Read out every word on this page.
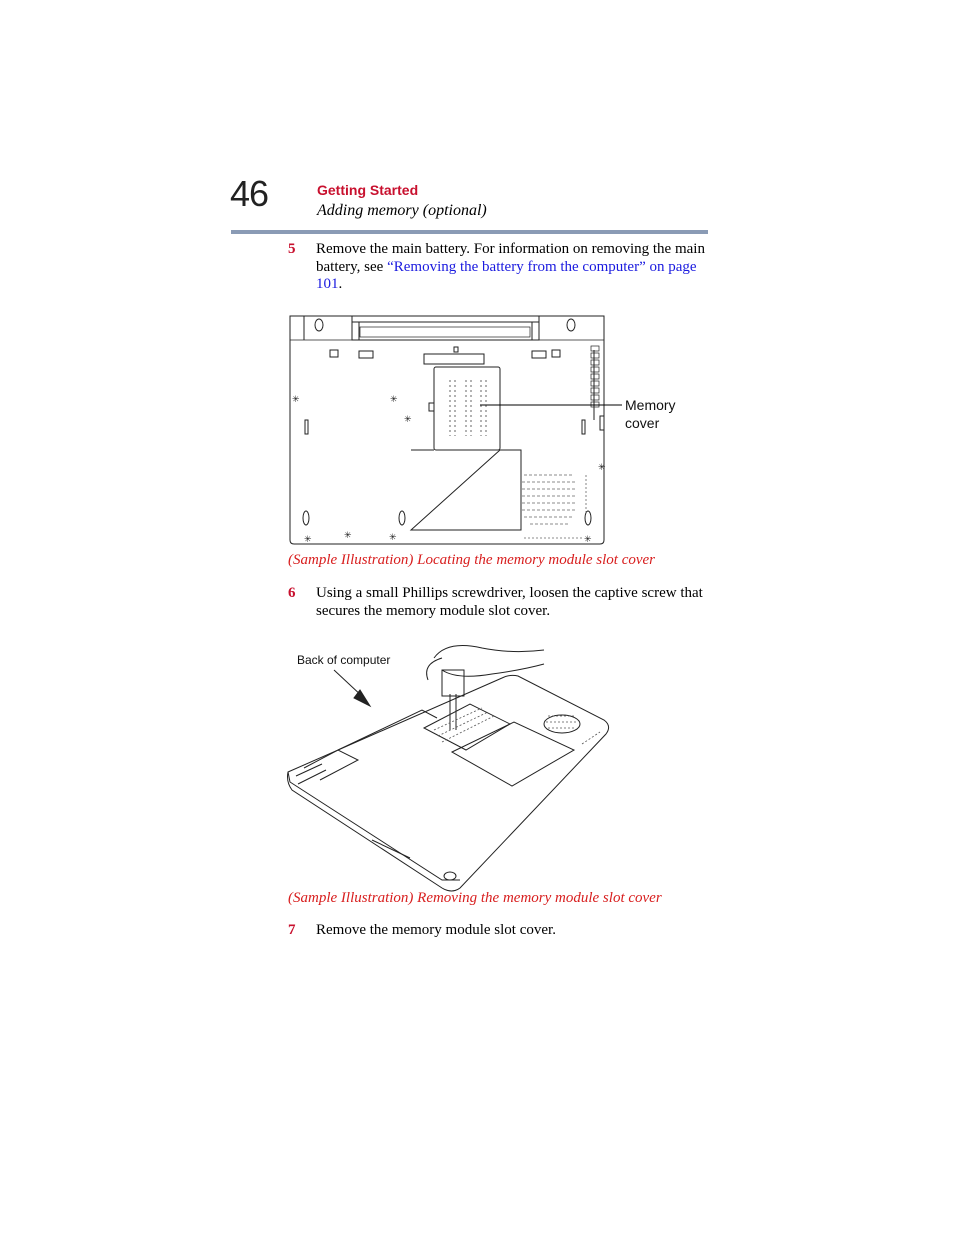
46	Getting Started
Adding memory (optional)
5 Remove the main battery. For information on removing the main battery, see “Removing the battery from the computer” on page 101.
✳	✳
✳
✳
✳	✳	✳	✳
Memory
cover
(Sample Illustration) Locating the memory module slot cover
6 Using a small Phillips screwdriver, loosen the captive screw that secures the memory module slot cover.
Back of computer
(Sample Illustration) Removing the memory module slot cover
7 Remove the memory module slot cover.
